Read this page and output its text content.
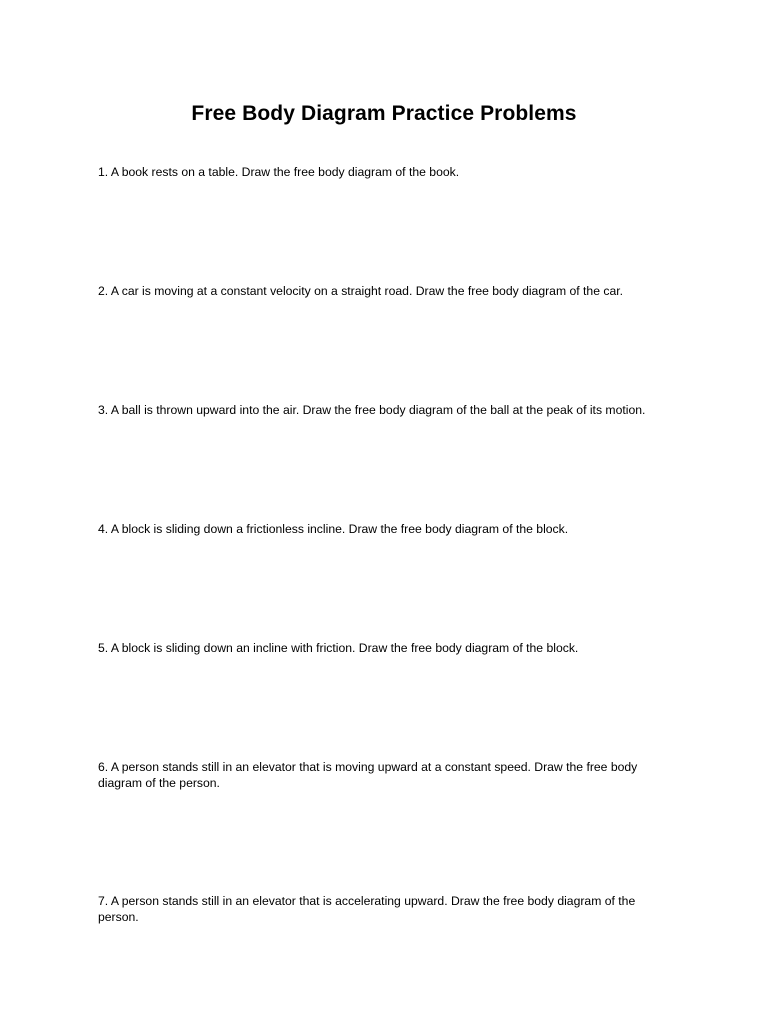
Free Body Diagram Practice Problems

1. A book rests on a table. Draw the free body diagram of the book.

2. A car is moving at a constant velocity on a straight road. Draw the free body diagram of the car.

3. A ball is thrown upward into the air. Draw the free body diagram of the ball at the peak of its motion.

4. A block is sliding down a frictionless incline. Draw the free body diagram of the block.

5. A block is sliding down an incline with friction. Draw the free body diagram of the block.

6. A person stands still in an elevator that is moving upward at a constant speed. Draw the free body diagram of the person.

7. A person stands still in an elevator that is accelerating upward. Draw the free body diagram of the person.
